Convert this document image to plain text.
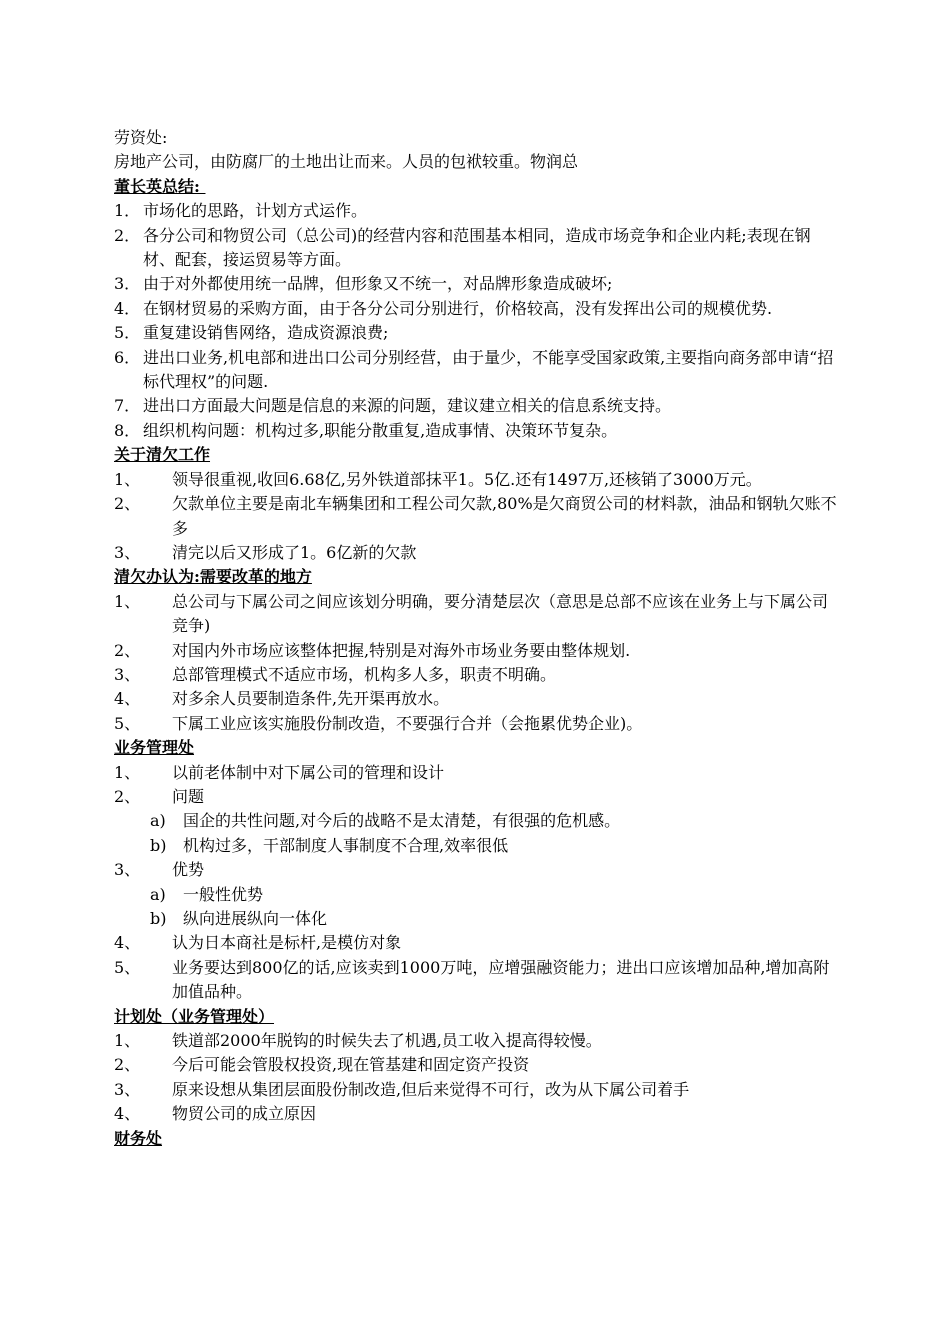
劳资处:
房地产公司，由防腐厂的土地出让而来。人员的包袱较重。物润总
董长英总结:
1． 市场化的思路，计划方式运作。
2． 各分公司和物贸公司（总公司)的经营内容和范围基本相同，造成市场竞争和企业内耗;表现在钢材、配套，接运贸易等方面。
3． 由于对外都使用统一品牌，但形象又不统一，对品牌形象造成破坏;
4． 在钢材贸易的采购方面，由于各分公司分别进行，价格较高，没有发挥出公司的规模优势.
5． 重复建设销售网络，造成资源浪费;
6． 进出口业务,机电部和进出口公司分别经营，由于量少，不能享受国家政策,主要指向商务部申请“招标代理权”的问题.
7． 进出口方面最大问题是信息的来源的问题，建议建立相关的信息系统支持。
8． 组织机构问题：机构过多,职能分散重复,造成事情、决策环节复杂。
关于清欠工作
1、	领导很重视,收回6.68亿,另外铁道部抹平1。5亿.还有1497万,还核销了3000万元。
2、	欠款单位主要是南北车辆集团和工程公司欠款,80%是欠商贸公司的材料款，油品和钢轨欠账不多
3、	清完以后又形成了1。6亿新的欠款
清欠办认为:需要改革的地方
1、	总公司与下属公司之间应该划分明确，要分清楚层次（意思是总部不应该在业务上与下属公司竞争)
2、	对国内外市场应该整体把握,特别是对海外市场业务要由整体规划.
3、	总部管理模式不适应市场，机构多人多，职责不明确。
4、	对多余人员要制造条件,先开渠再放水。
5、	下属工业应该实施股份制改造，不要强行合并（会拖累优势企业)。
业务管理处
1、	以前老体制中对下属公司的管理和设计
2、	问题
a)	国企的共性问题,对今后的战略不是太清楚，有很强的危机感。
b)	机构过多，干部制度人事制度不合理,效率很低
3、	优势
a)	一般性优势
b)	纵向进展纵向一体化
4、	认为日本商社是标杆,是模仿对象
5、	业务要达到800亿的话,应该卖到1000万吨，应增强融资能力；进出口应该增加品种,增加高附加值品种。
计划处（业务管理处）
1、	铁道部2000年脱钩的时候失去了机遇,员工收入提高得较慢。
2、	今后可能会管股权投资,现在管基建和固定资产投资
3、	原来设想从集团层面股份制改造,但后来觉得不可行，改为从下属公司着手
4、	物贸公司的成立原因
财务处
